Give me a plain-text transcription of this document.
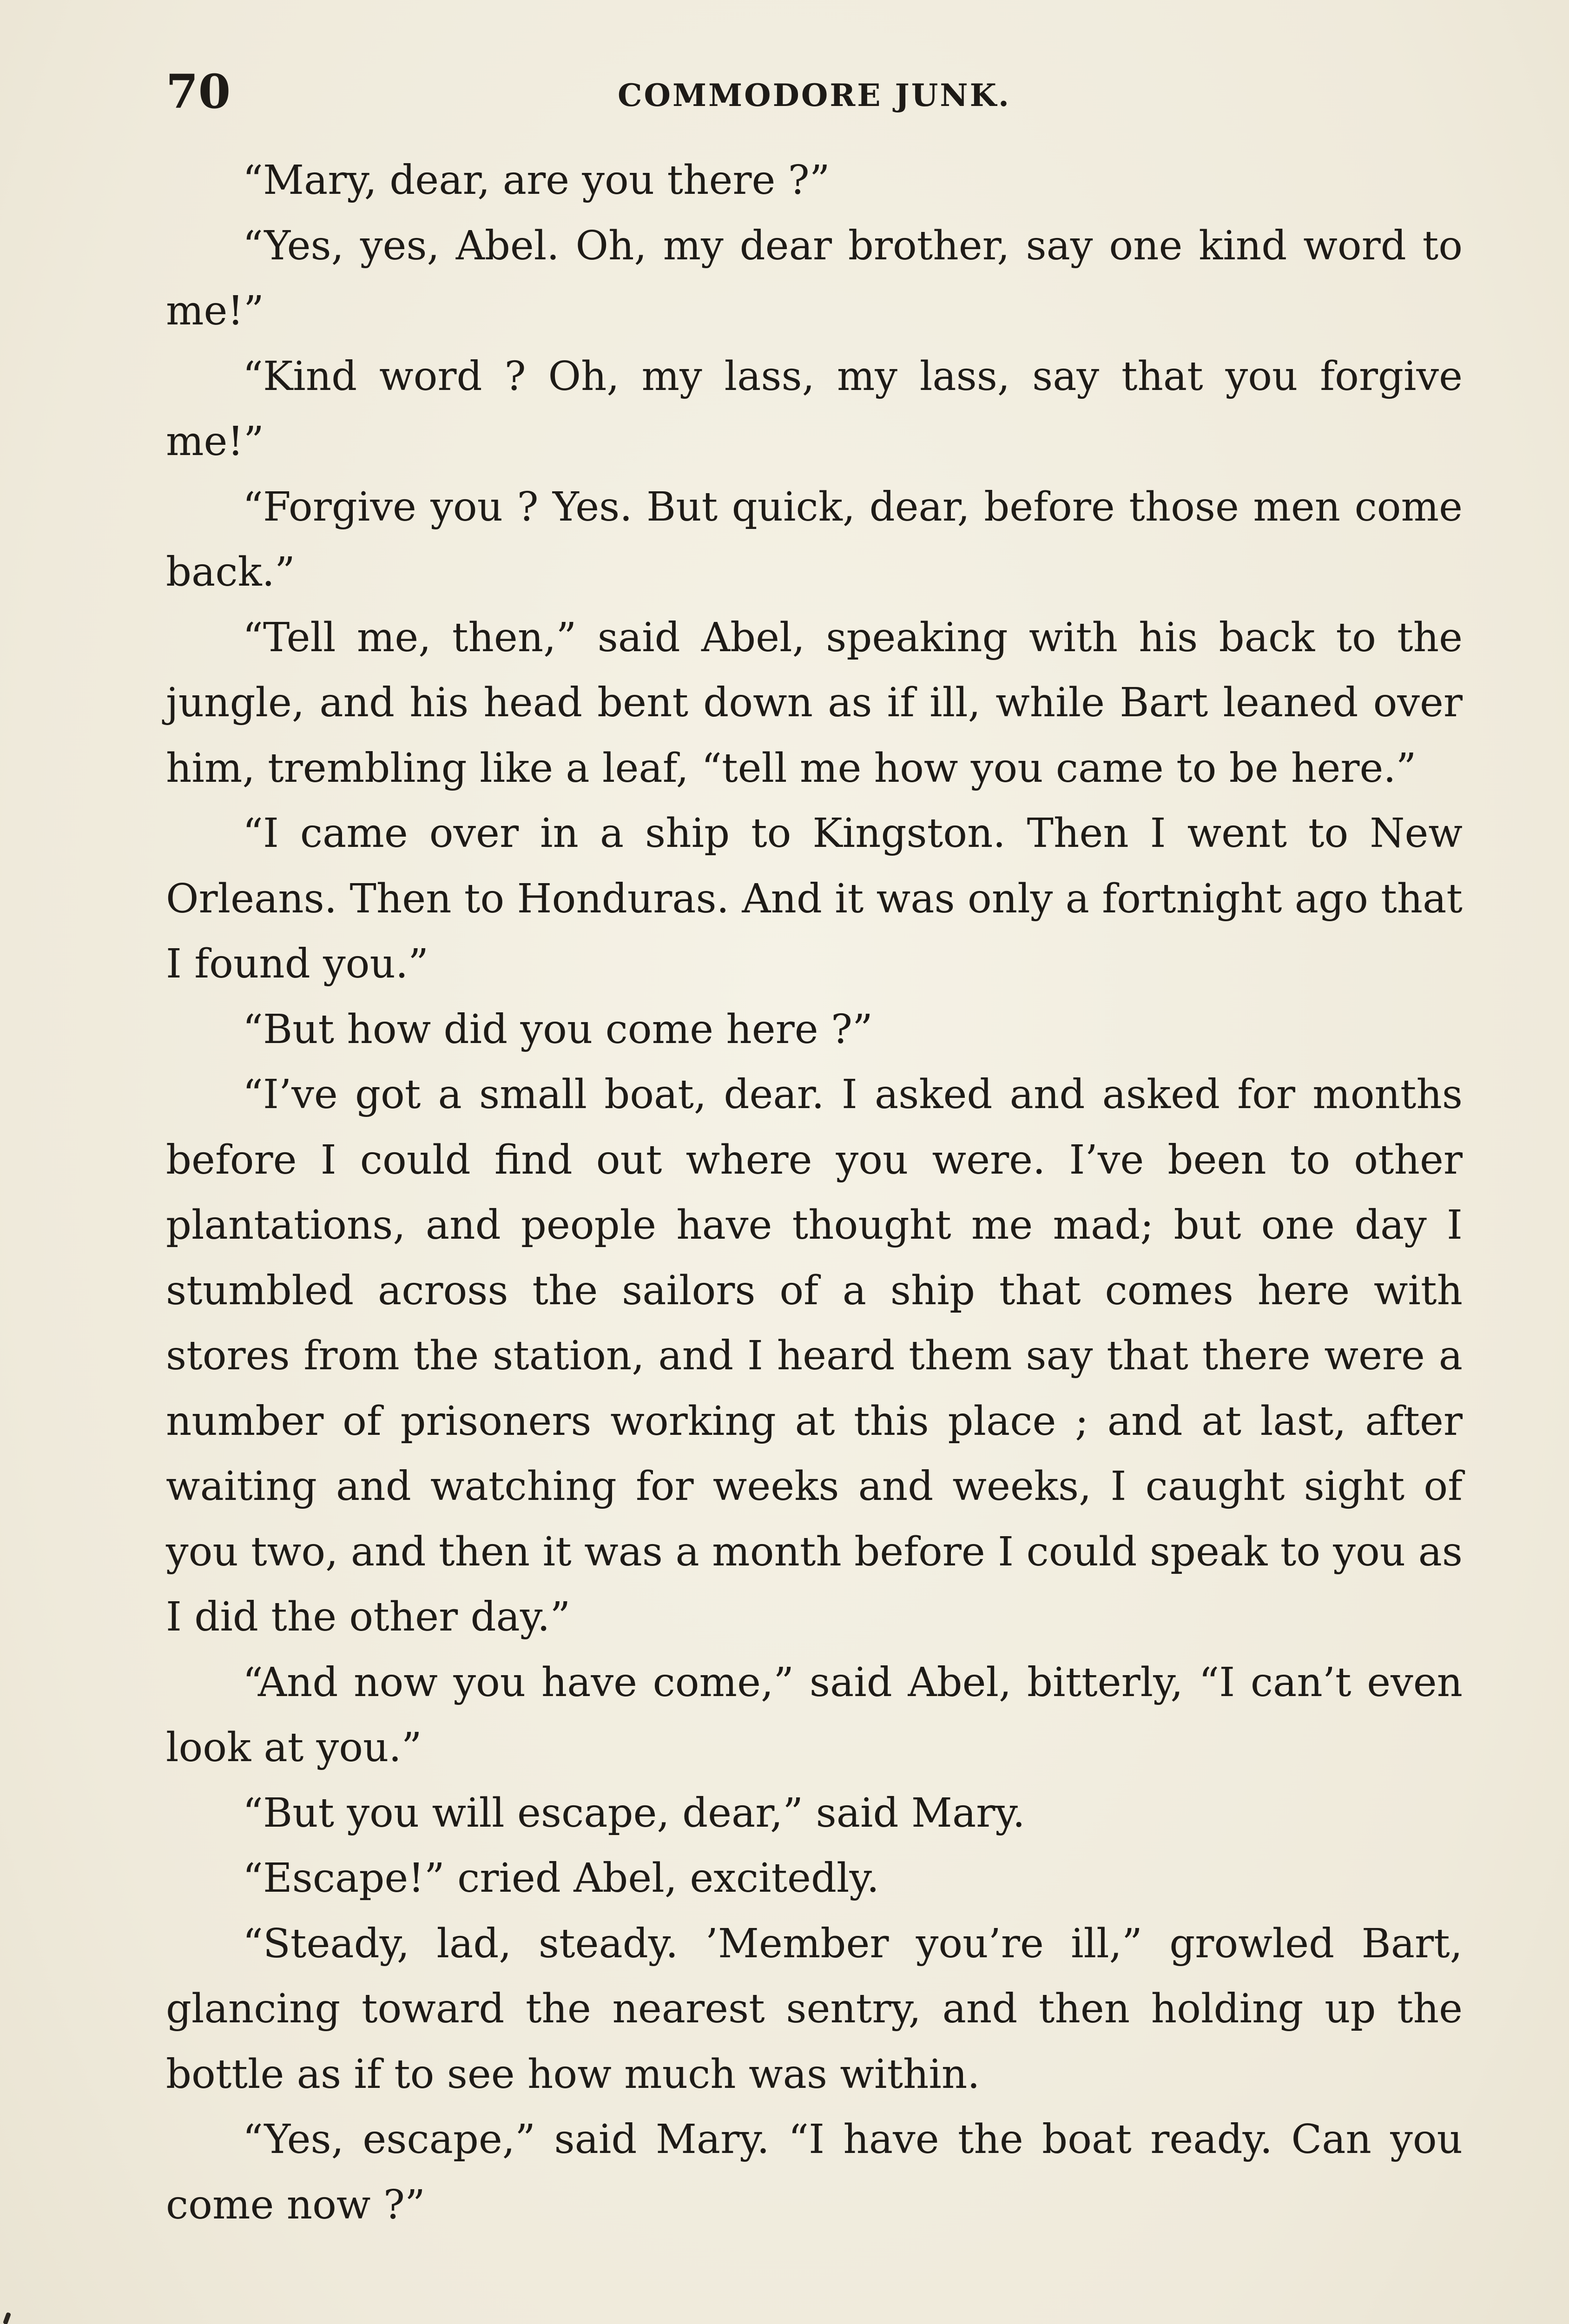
70	COMMODORE JUNK.

“Mary, dear, are you there ?”

“Yes, yes, Abel. Oh, my dear brother, say one kind word to me!”

“Kind word ? Oh, my lass, my lass, say that you forgive me!”

“Forgive you ? Yes. But quick, dear, before those men come back.”

“Tell me, then,” said Abel, speaking with his back to the jungle, and his head bent down as if ill, while Bart leaned over him, trembling like a leaf, “tell me how you came to be here.”

“I came over in a ship to Kingston. Then I went to New Orleans. Then to Honduras. And it was only a fortnight ago that I found you.”

“But how did you come here ?”

“I’ve got a small boat, dear. I asked and asked for months before I could find out where you were. I’ve been to other plantations, and people have thought me mad; but one day I stumbled across the sailors of a ship that comes here with stores from the station, and I heard them say that there were a number of prisoners working at this place ; and at last, after waiting and watching for weeks and weeks, I caught sight of you two, and then it was a month before I could speak to you as I did the other day.”

“And now you have come,” said Abel, bitterly, “I can’t even look at you.”

“But you will escape, dear,” said Mary.

“Escape!” cried Abel, excitedly.

“Steady, lad, steady. ’Member you’re ill,” growled Bart, glancing toward the nearest sentry, and then holding up the bottle as if to see how much was within.

“Yes, escape,” said Mary. “I have the boat ready. Can you come now ?”
